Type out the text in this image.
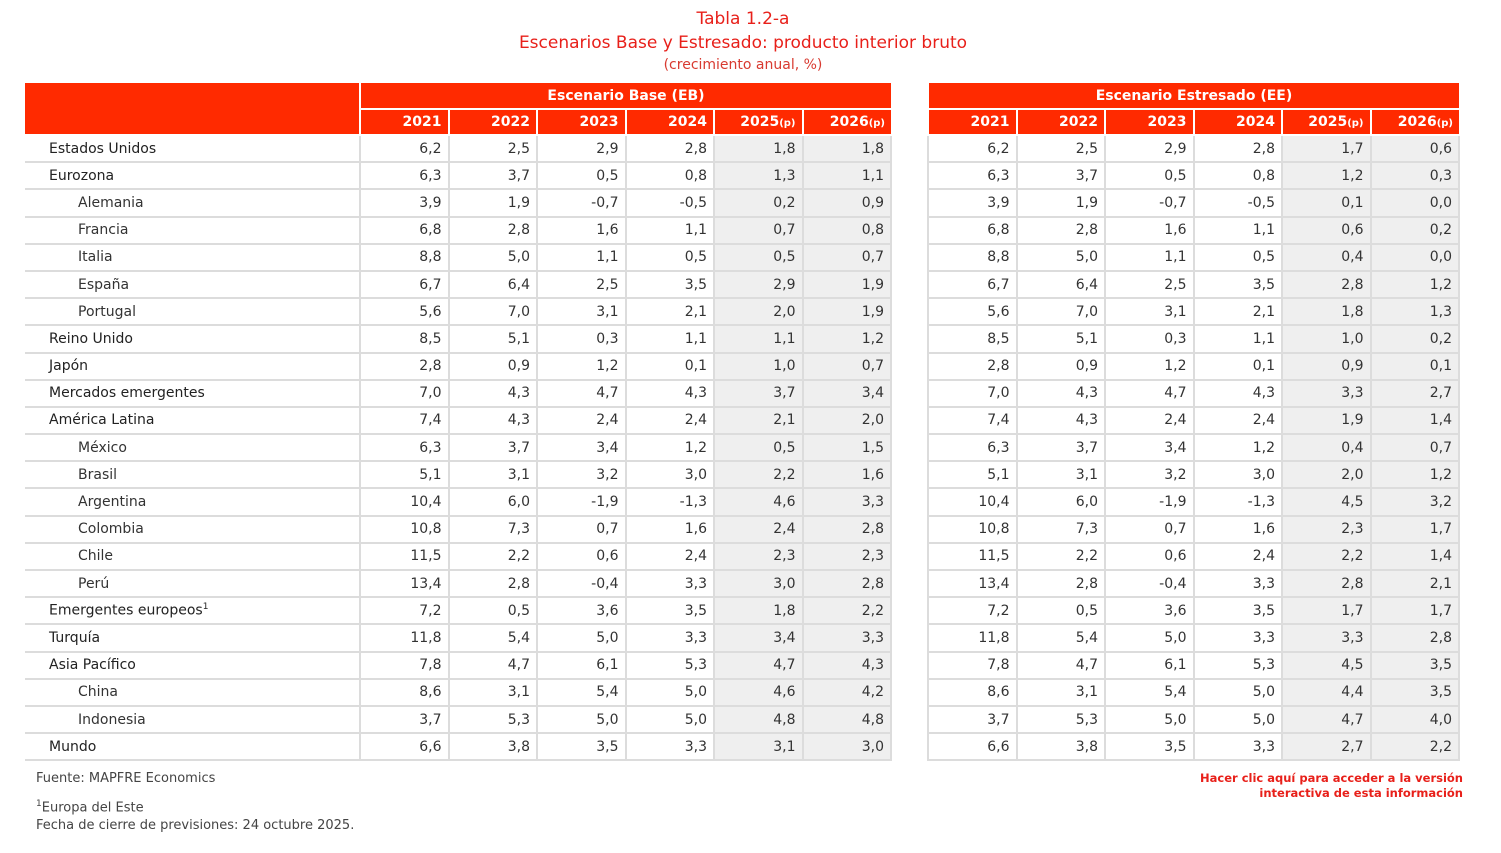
Tabla 1.2-a
Escenarios Base y Estresado: producto interior bruto
(crecimiento anual, %)
	Escenario Base (EB)							Escenario Estresado (EE)					
	2021	2022	2023	2024	2025(p)	2026(p)		2021	2022	2023	2024	2025(p)	2026(p)
Estados Unidos	6,2	2,5	2,9	2,8	1,8	1,8		6,2	2,5	2,9	2,8	1,7	0,6
Eurozona	6,3	3,7	0,5	0,8	1,3	1,1		6,3	3,7	0,5	0,8	1,2	0,3
Alemania	3,9	1,9	-0,7	-0,5	0,2	0,9		3,9	1,9	-0,7	-0,5	0,1	0,0
Francia	6,8	2,8	1,6	1,1	0,7	0,8		6,8	2,8	1,6	1,1	0,6	0,2
Italia	8,8	5,0	1,1	0,5	0,5	0,7		8,8	5,0	1,1	0,5	0,4	0,0
España	6,7	6,4	2,5	3,5	2,9	1,9		6,7	6,4	2,5	3,5	2,8	1,2
Portugal	5,6	7,0	3,1	2,1	2,0	1,9		5,6	7,0	3,1	2,1	1,8	1,3
Reino Unido	8,5	5,1	0,3	1,1	1,1	1,2		8,5	5,1	0,3	1,1	1,0	0,2
Japón	2,8	0,9	1,2	0,1	1,0	0,7		2,8	0,9	1,2	0,1	0,9	0,1
Mercados emergentes	7,0	4,3	4,7	4,3	3,7	3,4		7,0	4,3	4,7	4,3	3,3	2,7
América Latina	7,4	4,3	2,4	2,4	2,1	2,0		7,4	4,3	2,4	2,4	1,9	1,4
México	6,3	3,7	3,4	1,2	0,5	1,5		6,3	3,7	3,4	1,2	0,4	0,7
Brasil	5,1	3,1	3,2	3,0	2,2	1,6		5,1	3,1	3,2	3,0	2,0	1,2
Argentina	10,4	6,0	-1,9	-1,3	4,6	3,3		10,4	6,0	-1,9	-1,3	4,5	3,2
Colombia	10,8	7,3	0,7	1,6	2,4	2,8		10,8	7,3	0,7	1,6	2,3	1,7
Chile	11,5	2,2	0,6	2,4	2,3	2,3		11,5	2,2	0,6	2,4	2,2	1,4
Perú	13,4	2,8	-0,4	3,3	3,0	2,8		13,4	2,8	-0,4	3,3	2,8	2,1
Emergentes europeos$^1$	7,2	0,5	3,6	3,5	1,8	2,2		7,2	0,5	3,6	3,5	1,7	1,7
Turquía	11,8	5,4	5,0	3,3	3,4	3,3		11,8	5,4	5,0	3,3	3,3	2,8
Asia Pacífico	7,8	4,7	6,1	5,3	4,7	4,3		7,8	4,7	6,1	5,3	4,5	3,5
China	8,6	3,1	5,4	5,0	4,6	4,2		8,6	3,1	5,4	5,0	4,4	3,5
Indonesia	3,7	5,3	5,0	5,0	4,8	4,8		3,7	5,3	5,0	5,0	4,7	4,0
Mundo	6,6	3,8	3,5	3,3	3,1	3,0		6,6	3,8	3,5	3,3	2,7	2,2
Fuente: MAPFRE Economics
$^1$Europa del Este
Fecha de cierre de previsiones: 24 octubre 2025.
Hacer clic aquí para acceder a la versión
interactiva de esta información
